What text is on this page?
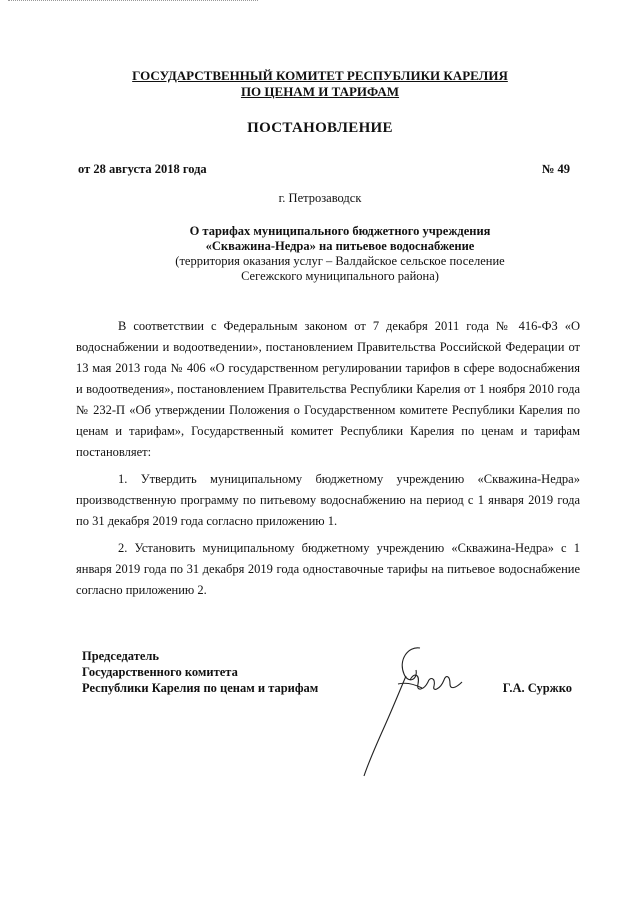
ГОСУДАРСТВЕННЫЙ КОМИТЕТ РЕСПУБЛИКИ КАРЕЛИЯ
ПО ЦЕНАМ И ТАРИФАМ
ПОСТАНОВЛЕНИЕ
от 28 августа 2018 года	№ 49
г. Петрозаводск
О тарифах муниципального бюджетного учреждения
«Скважина-Недра» на питьевое водоснабжение
(территория оказания услуг – Валдайское сельское поселение
Сегежского муниципального района)

В соответствии с Федеральным законом от 7 декабря 2011 года № 416-ФЗ «О водоснабжении и водоотведении», постановлением Правительства Российской Федерации от 13 мая 2013 года № 406 «О государственном регулировании тарифов в сфере водоснабжения и водоотведения», постановлением Правительства Республики Карелия от 1 ноября 2010 года № 232-П «Об утверждении Положения о Государственном комитете Республики Карелия по ценам и тарифам», Государственный комитет Республики Карелия по ценам и тарифам постановляет:

1. Утвердить муниципальному бюджетному учреждению «Скважина-Недра» производственную программу по питьевому водоснабжению на период с 1 января 2019 года по 31 декабря 2019 года согласно приложению 1.

2. Установить муниципальному бюджетному учреждению «Скважина-Недра» с 1 января 2019 года по 31 декабря 2019 года одноставочные тарифы на питьевое водоснабжение согласно приложению 2.

Председатель
Государственного комитета
Республики Карелия по ценам и тарифам	Г.А. Суржко
